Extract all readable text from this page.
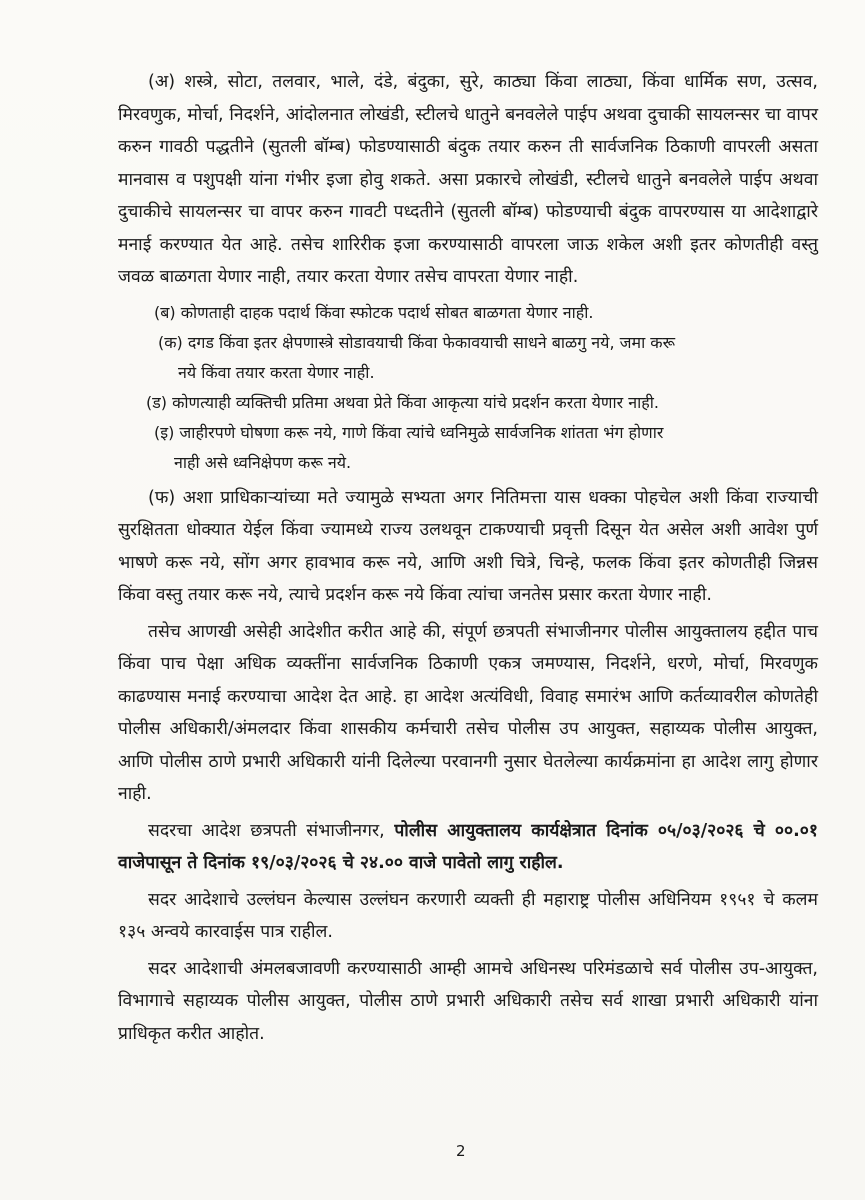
(अ) शस्त्रे, सोटा, तलवार, भाले, दंडे, बंदुका, सुरे, काठ्या किंवा लाठ्या, किंवा धार्मिक सण, उत्सव, मिरवणुक, मोर्चा, निदर्शने, आंदोलनात लोखंडी, स्टीलचे धातुने बनवलेले पाईप अथवा दुचाकी सायलन्सर चा वापर करुन गावठी पद्धतीने (सुतली बॉम्ब) फोडण्यासाठी बंदुक तयार करुन ती सार्वजनिक ठिकाणी वापरली असता मानवास व पशुपक्षी यांना गंभीर इजा होवु शकते. असा प्रकारचे लोखंडी, स्टीलचे धातुने बनवलेले पाईप अथवा दुचाकीचे सायलन्सर चा वापर करुन गावटी पध्दतीने (सुतली बॉम्ब) फोडण्याची बंदुक वापरण्यास या आदेशाद्वारे मनाई करण्यात येत आहे. तसेच शारिरीक इजा करण्यासाठी वापरला जाऊ शकेल अशी इतर कोणतीही वस्तु जवळ बाळगता येणार नाही, तयार करता येणार तसेच वापरता येणार नाही.

(ब) कोणताही दाहक पदार्थ किंवा स्फोटक पदार्थ सोबत बाळगता येणार नाही.

(क) दगड किंवा इतर क्षेपणास्त्रे सोडावयाची किंवा फेकावयाची साधने बाळगु नये, जमा करू

नये किंवा तयार करता येणार नाही.

(ड) कोणत्याही व्यक्तिची प्रतिमा अथवा प्रेते किंवा आकृत्या यांचे प्रदर्शन करता येणार नाही.

(इ) जाहीरपणे घोषणा करू नये, गाणे किंवा त्यांचे ध्वनिमुळे सार्वजनिक शांतता भंग होणार

नाही असे ध्वनिक्षेपण करू नये.

(फ) अशा प्राधिकाऱ्यांच्या मते ज्यामुळे सभ्यता अगर नितिमत्ता यास धक्का पोहचेल अशी किंवा राज्याची सुरक्षितता धोक्यात येईल किंवा ज्यामध्ये राज्य उलथवून टाकण्याची प्रवृत्ती दिसून येत असेल अशी आवेश पुर्ण भाषणे करू नये, सोंग अगर हावभाव करू नये, आणि अशी चित्रे, चिन्हे, फलक किंवा इतर कोणतीही जिन्नस किंवा वस्तु तयार करू नये, त्याचे प्रदर्शन करू नये किंवा त्यांचा जनतेस प्रसार करता येणार नाही.

तसेच आणखी असेही आदेशीत करीत आहे की, संपूर्ण छत्रपती संभाजीनगर पोलीस आयुक्तालय हद्दीत पाच किंवा पाच पेक्षा अधिक व्यक्तींना सार्वजनिक ठिकाणी एकत्र जमण्यास, निदर्शने, धरणे, मोर्चा, मिरवणुक काढण्यास मनाई करण्याचा आदेश देत आहे. हा आदेश अत्यंविधी, विवाह समारंभ आणि कर्तव्यावरील कोणतेही पोलीस अधिकारी/अंमलदार किंवा शासकीय कर्मचारी तसेच पोलीस उप आयुक्त, सहाय्यक पोलीस आयुक्त, आणि पोलीस ठाणे प्रभारी अधिकारी यांनी दिलेल्या परवानगी नुसार घेतलेल्या कार्यक्रमांना हा आदेश लागु होणार नाही.

सदरचा आदेश छत्रपती संभाजीनगर, पोलीस आयुक्तालय कार्यक्षेत्रात दिनांक ०५/०३/२०२६ चे ००.०१ वाजेपासून ते दिनांक १९/०३/२०२६ चे २४.०० वाजे पावेतो लागु राहील.

सदर आदेशाचे उल्लंघन केल्यास उल्लंघन करणारी व्यक्ती ही महाराष्ट्र पोलीस अधिनियम १९५१ चे कलम १३५ अन्वये कारवाईस पात्र राहील.

सदर आदेशाची अंमलबजावणी करण्यासाठी आम्ही आमचे अधिनस्थ परिमंडळाचे सर्व पोलीस उप-आयुक्त, विभागाचे सहाय्यक पोलीस आयुक्त, पोलीस ठाणे प्रभारी अधिकारी तसेच सर्व शाखा प्रभारी अधिकारी यांना प्राधिकृत करीत आहोत.

2
